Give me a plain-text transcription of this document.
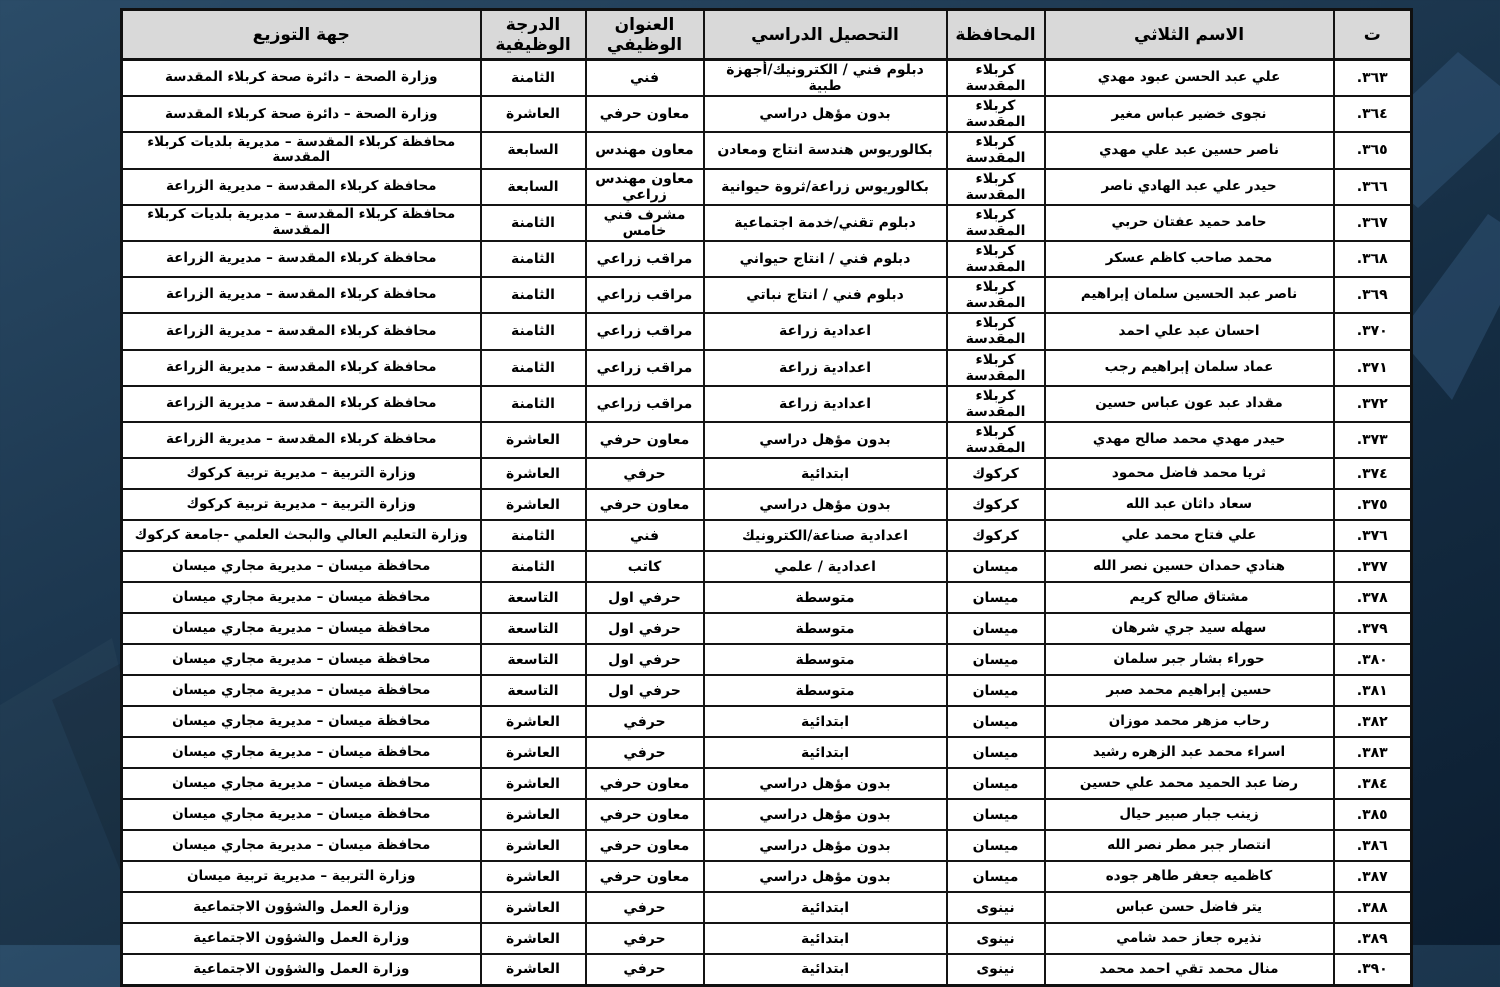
ت	الاسم الثلاثي	المحافظة	التحصيل الدراسي	العنوان الوظيفي	الدرجة الوظيفية	جهة التوزيع
٣٦٣.	علي عبد الحسن عبود مهدي	كربلاء المقدسة	دبلوم فني / الكترونيك/أجهزة طبية	فني	الثامنة	وزارة الصحة – دائرة صحة كربلاء المقدسة
٣٦٤.	نجوى خضير عباس مغير	كربلاء المقدسة	بدون مؤهل دراسي	معاون حرفي	العاشرة	وزارة الصحة – دائرة صحة كربلاء المقدسة
٣٦٥.	ناصر حسين عبد علي مهدي	كربلاء المقدسة	بكالوريوس هندسة انتاج ومعادن	معاون مهندس	السابعة	محافظة كربلاء المقدسة – مديرية بلديات كربلاء المقدسة
٣٦٦.	حيدر علي عبد الهادي ناصر	كربلاء المقدسة	بكالوريوس زراعة/ثروة حيوانية	معاون مهندس زراعي	السابعة	محافظة كربلاء المقدسة – مديرية الزراعة
٣٦٧.	حامد حميد عفتان حربي	كربلاء المقدسة	دبلوم تقني/خدمة اجتماعية	مشرف فني خامس	الثامنة	محافظة كربلاء المقدسة – مديرية بلديات كربلاء المقدسة
٣٦٨.	محمد صاحب كاظم عسكر	كربلاء المقدسة	دبلوم فني / انتاج حيواني	مراقب زراعي	الثامنة	محافظة كربلاء المقدسة – مديرية الزراعة
٣٦٩.	ناصر عبد الحسين سلمان إبراهيم	كربلاء المقدسة	دبلوم فني / انتاج نباتي	مراقب زراعي	الثامنة	محافظة كربلاء المقدسة – مديرية الزراعة
٣٧٠.	احسان عبد علي احمد	كربلاء المقدسة	اعدادية زراعة	مراقب زراعي	الثامنة	محافظة كربلاء المقدسة – مديرية الزراعة
٣٧١.	عماد سلمان إبراهيم رجب	كربلاء المقدسة	اعدادية زراعة	مراقب زراعي	الثامنة	محافظة كربلاء المقدسة – مديرية الزراعة
٣٧٢.	مقداد عبد عون عباس حسين	كربلاء المقدسة	اعدادية زراعة	مراقب زراعي	الثامنة	محافظة كربلاء المقدسة – مديرية الزراعة
٣٧٣.	حيدر مهدي محمد صالح مهدي	كربلاء المقدسة	بدون مؤهل دراسي	معاون حرفي	العاشرة	محافظة كربلاء المقدسة – مديرية الزراعة
٣٧٤.	ثريا محمد فاضل محمود	كركوك	ابتدائية	حرفي	العاشرة	وزارة التربية – مديرية تربية كركوك
٣٧٥.	سعاد داثان عبد الله	كركوك	بدون مؤهل دراسي	معاون حرفي	العاشرة	وزارة التربية – مديرية تربية كركوك
٣٧٦.	علي فتاح محمد علي	كركوك	اعدادية صناعة/الكترونيك	فني	الثامنة	وزارة التعليم العالي والبحث العلمي -جامعة كركوك
٣٧٧.	هنادي حمدان حسين نصر الله	ميسان	اعدادية / علمي	كاتب	الثامنة	محافظة ميسان – مديرية مجاري ميسان
٣٧٨.	مشتاق صالح كريم	ميسان	متوسطة	حرفي اول	التاسعة	محافظة ميسان – مديرية مجاري ميسان
٣٧٩.	سهله سيد جري شرهان	ميسان	متوسطة	حرفي اول	التاسعة	محافظة ميسان – مديرية مجاري ميسان
٣٨٠.	حوراء بشار جبر سلمان	ميسان	متوسطة	حرفي اول	التاسعة	محافظة ميسان – مديرية مجاري ميسان
٣٨١.	حسين إبراهيم محمد صبر	ميسان	متوسطة	حرفي اول	التاسعة	محافظة ميسان – مديرية مجاري ميسان
٣٨٢.	رحاب مزهر محمد موزان	ميسان	ابتدائية	حرفي	العاشرة	محافظة ميسان – مديرية مجاري ميسان
٣٨٣.	اسراء محمد عبد الزهره رشيد	ميسان	ابتدائية	حرفي	العاشرة	محافظة ميسان – مديرية مجاري ميسان
٣٨٤.	رضا عبد الحميد محمد علي حسين	ميسان	بدون مؤهل دراسي	معاون حرفي	العاشرة	محافظة ميسان – مديرية مجاري ميسان
٣٨٥.	زينب جبار صبير حيال	ميسان	بدون مؤهل دراسي	معاون حرفي	العاشرة	محافظة ميسان – مديرية مجاري ميسان
٣٨٦.	انتصار جبر مطر نصر الله	ميسان	بدون مؤهل دراسي	معاون حرفي	العاشرة	محافظة ميسان – مديرية مجاري ميسان
٣٨٧.	كاظميه جعفر طاهر جوده	ميسان	بدون مؤهل دراسي	معاون حرفي	العاشرة	وزارة التربية – مديرية تربية ميسان
٣٨٨.	يتر فاضل حسن عباس	نينوى	ابتدائية	حرفي	العاشرة	وزارة العمل والشؤون الاجتماعية
٣٨٩.	نذيره جعاز حمد شامي	نينوى	ابتدائية	حرفي	العاشرة	وزارة العمل والشؤون الاجتماعية
٣٩٠.	منال محمد تقي احمد محمد	نينوى	ابتدائية	حرفي	العاشرة	وزارة العمل والشؤون الاجتماعية
